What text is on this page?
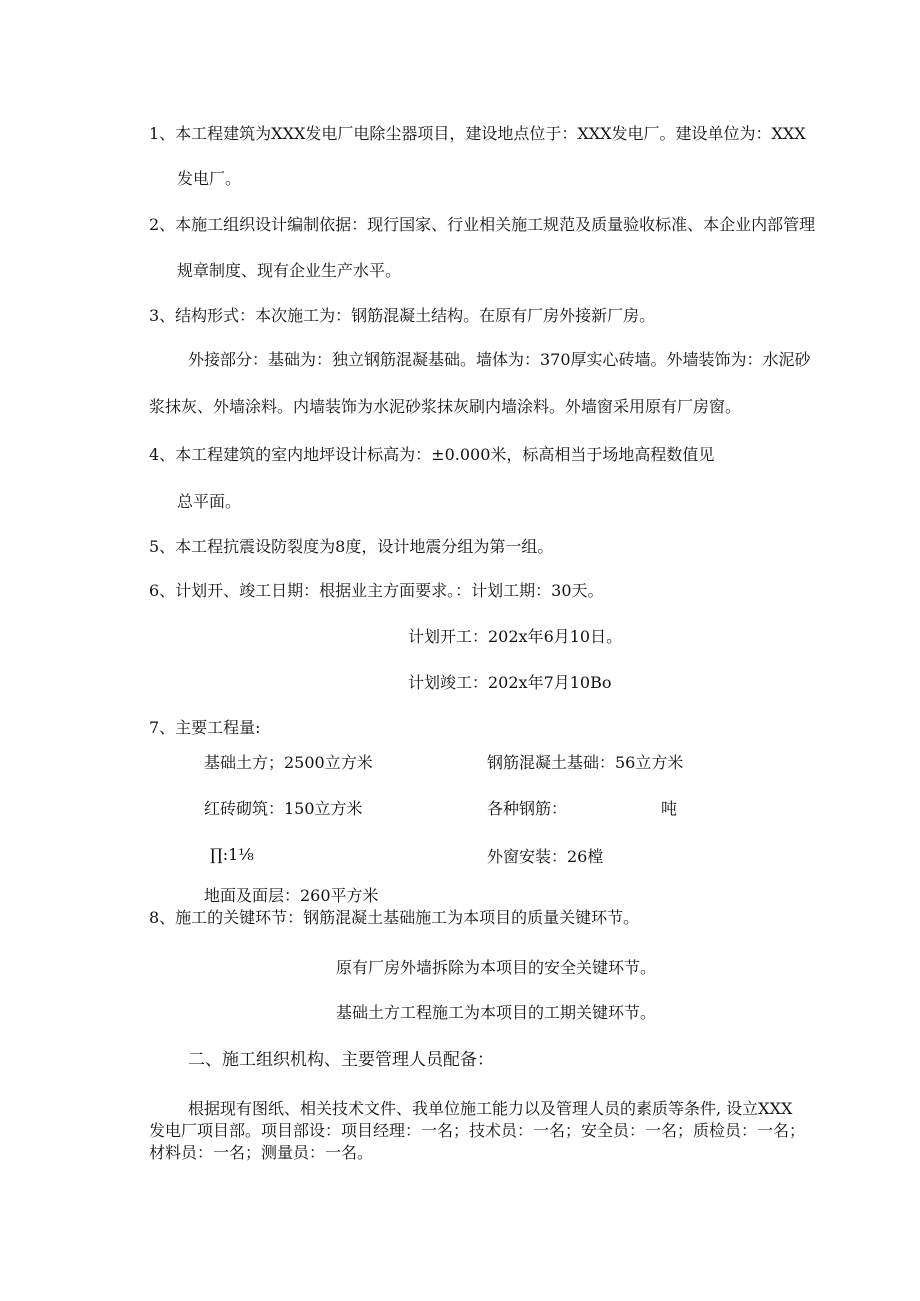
1、本工程建筑为XXX发电厂电除尘器项目，建设地点位于：XXX发电厂。建设单位为：XXX
发电厂。
2、本施工组织设计编制依据：现行国家、行业相关施工规范及质量验收标准、本企业内部管理
规章制度、现有企业生产水平。
3、结构形式：本次施工为：钢筋混凝土结构。在原有厂房外接新厂房。
外接部分：基础为：独立钢筋混凝基础。墙体为：370厚实心砖墙。外墙装饰为：水泥砂
浆抹灰、外墙涂料。内墙装饰为水泥砂浆抹灰刷内墙涂料。外墙窗采用原有厂房窗。
4、本工程建筑的室内地坪设计标高为：±0.000米，标高相当于场地高程数值见
总平面。
5、本工程抗震设防裂度为8度，设计地震分组为第一组。
6、计划开、竣工日期：根据业主方面要求。：计划工期：30天。
计划开工：202x年6月10日。
计划竣工：202x年7月10Bo
7、主要工程量:
基础土方；2500立方米	钢筋混凝土基础：56立方米
红砖砌筑：150立方米	各种钢筋：	吨
∏:1⅛	外窗安装：26樘
地面及面层：260平方米
8、施工的关键环节：钢筋混凝土基础施工为本项目的质量关键环节。
原有厂房外墙拆除为本项目的安全关键环节。
基础土方工程施工为本项目的工期关键环节。
二、施工组织机构、主要管理人员配备：
根据现有图纸、相关技术文件、我单位施工能力以及管理人员的素质等条件, 设立XXX
发电厂项目部。项目部设：项目经理：一名；技术员：一名；安全员：一名；质检员：一名；
材料员：一名；测量员：一名。
